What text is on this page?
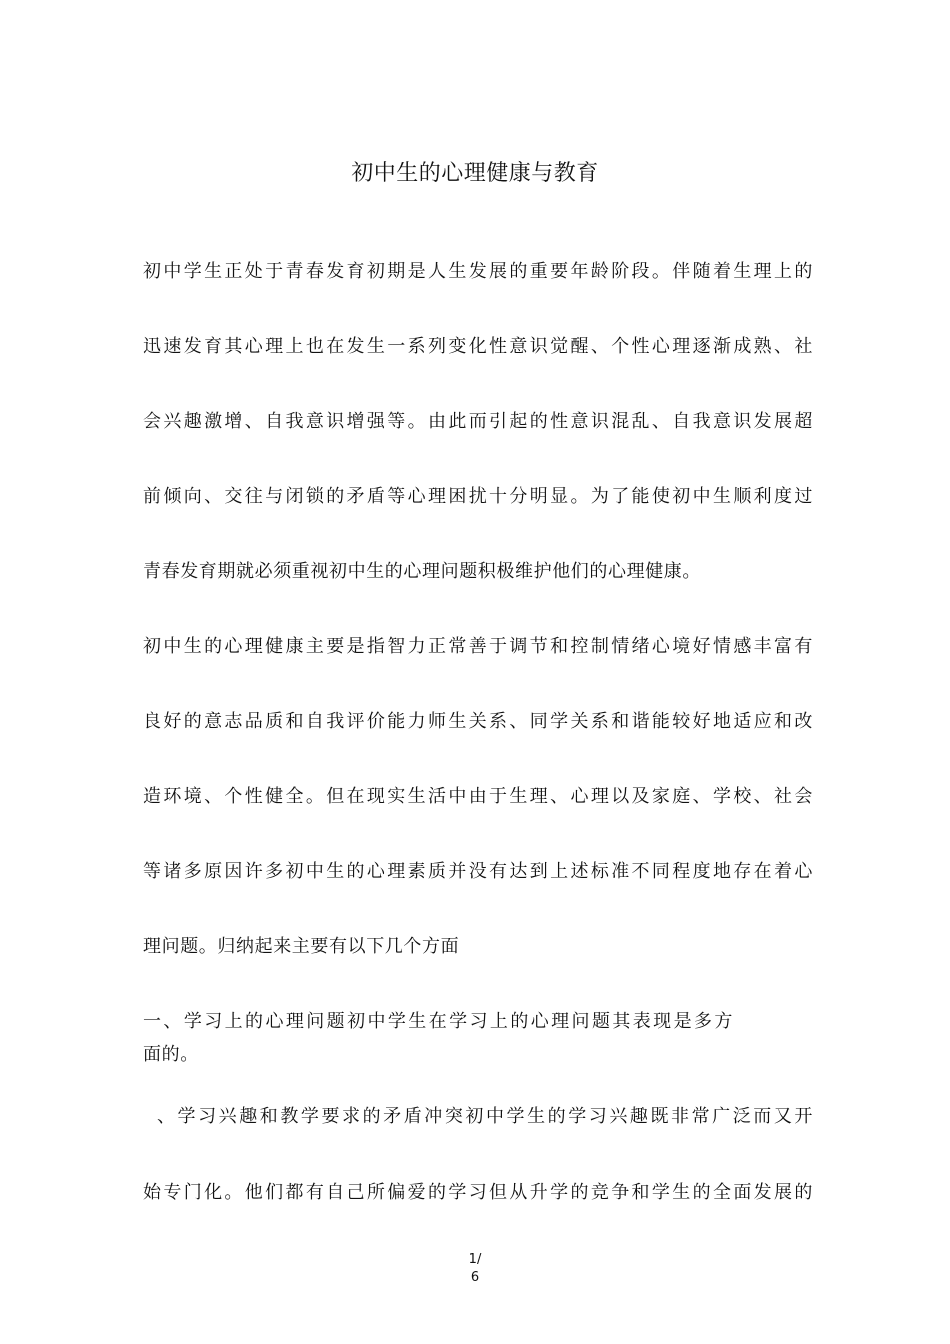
初中生的心理健康与教育
初中学生正处于青春发育初期是人生发展的重要年龄阶段。伴随着生理上的
迅速发育其心理上也在发生一系列变化性意识觉醒、个性心理逐渐成熟、社
会兴趣激增、自我意识增强等。由此而引起的性意识混乱、自我意识发展超
前倾向、交往与闭锁的矛盾等心理困扰十分明显。为了能使初中生顺利度过
青春发育期就必须重视初中生的心理问题积极维护他们的心理健康。
初中生的心理健康主要是指智力正常善于调节和控制情绪心境好情感丰富有
良好的意志品质和自我评价能力师生关系、同学关系和谐能较好地适应和改
造环境、个性健全。但在现实生活中由于生理、心理以及家庭、学校、社会
等诸多原因许多初中生的心理素质并没有达到上述标准不同程度地存在着心
理问题。归纳起来主要有以下几个方面
一、学习上的心理问题初中学生在学习上的心理问题其表现是多方
面的。
、学习兴趣和教学要求的矛盾冲突初中学生的学习兴趣既非常广泛而又开
始专门化。他们都有自己所偏爱的学习但从升学的竞争和学生的全面发展的
1/
6
